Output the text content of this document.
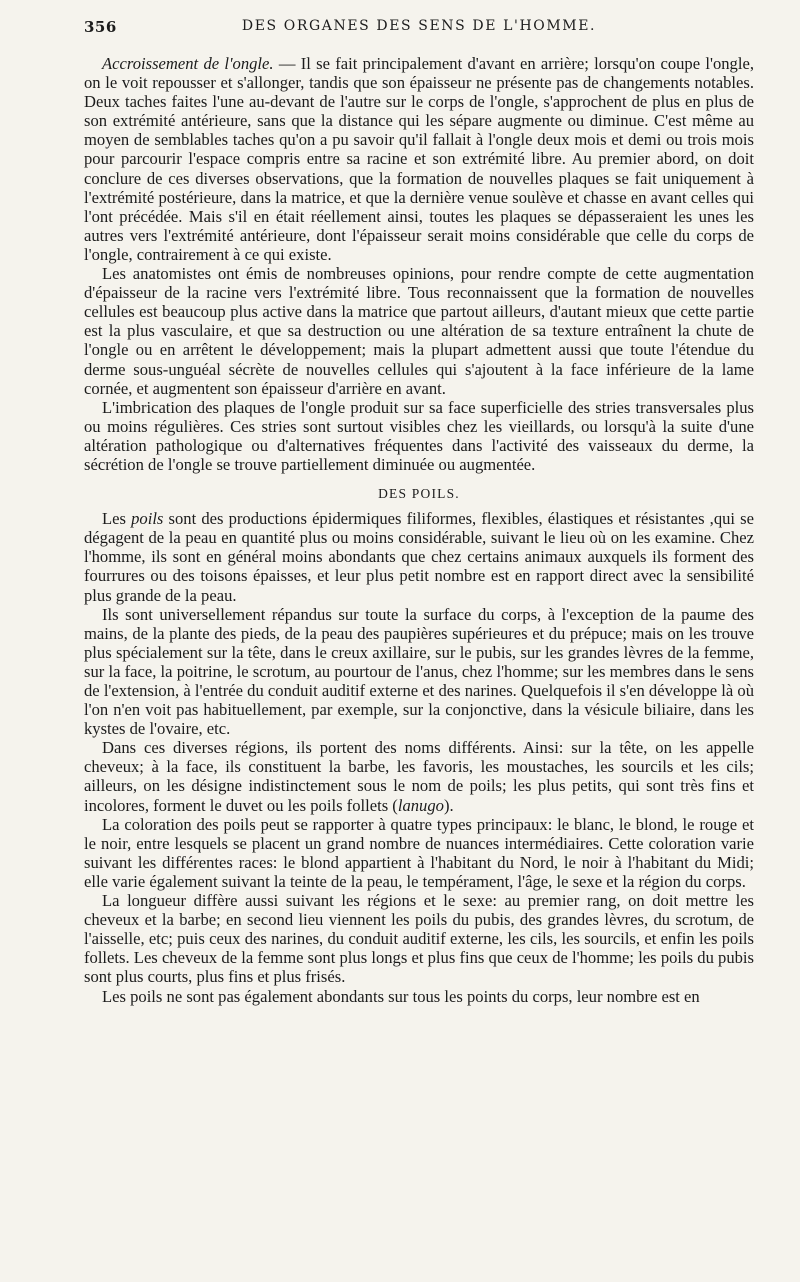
356	DES ORGANES DES SENS DE L'HOMME.

Accroissement de l'ongle. — Il se fait principalement d'avant en arrière; lorsqu'on coupe l'ongle, on le voit repousser et s'allonger, tandis que son épaisseur ne présente pas de changements notables. Deux taches faites l'une au-devant de l'autre sur le corps de l'ongle, s'approchent de plus en plus de son extrémité antérieure, sans que la distance qui les sépare augmente ou diminue. C'est même au moyen de semblables taches qu'on a pu savoir qu'il fallait à l'ongle deux mois et demi ou trois mois pour parcourir l'espace compris entre sa racine et son extrémité libre. Au premier abord, on doit conclure de ces diverses observations, que la formation de nouvelles plaques se fait uniquement à l'extrémité postérieure, dans la matrice, et que la dernière venue soulève et chasse en avant celles qui l'ont précédée. Mais s'il en était réellement ainsi, toutes les plaques se dépasseraient les unes les autres vers l'extrémité antérieure, dont l'épaisseur serait moins considérable que celle du corps de l'ongle, contrairement à ce qui existe.

Les anatomistes ont émis de nombreuses opinions, pour rendre compte de cette augmentation d'épaisseur de la racine vers l'extrémité libre. Tous reconnaissent que la formation de nouvelles cellules est beaucoup plus active dans la matrice que partout ailleurs, d'autant mieux que cette partie est la plus vasculaire, et que sa destruction ou une altération de sa texture entraînent la chute de l'ongle ou en arrêtent le développement; mais la plupart admettent aussi que toute l'étendue du derme sous-unguéal sécrète de nouvelles cellules qui s'ajoutent à la face inférieure de la lame cornée, et augmentent son épaisseur d'arrière en avant.

L'imbrication des plaques de l'ongle produit sur sa face superficielle des stries transversales plus ou moins régulières. Ces stries sont surtout visibles chez les vieillards, ou lorsqu'à la suite d'une altération pathologique ou d'alternatives fréquentes dans l'activité des vaisseaux du derme, la sécrétion de l'ongle se trouve partiellement diminuée ou augmentée.

DES POILS.

Les poils sont des productions épidermiques filiformes, flexibles, élastiques et résistantes ,qui se dégagent de la peau en quantité plus ou moins considérable, suivant le lieu où on les examine. Chez l'homme, ils sont en général moins abondants que chez certains animaux auxquels ils forment des fourrures ou des toisons épaisses, et leur plus petit nombre est en rapport direct avec la sensibilité plus grande de la peau.

Ils sont universellement répandus sur toute la surface du corps, à l'exception de la paume des mains, de la plante des pieds, de la peau des paupières supérieures et du prépuce; mais on les trouve plus spécialement sur la tête, dans le creux axillaire, sur le pubis, sur les grandes lèvres de la femme, sur la face, la poitrine, le scrotum, au pourtour de l'anus, chez l'homme; sur les membres dans le sens de l'extension, à l'entrée du conduit auditif externe et des narines. Quelquefois il s'en développe là où l'on n'en voit pas habituellement, par exemple, sur la conjonctive, dans la vésicule biliaire, dans les kystes de l'ovaire, etc.

Dans ces diverses régions, ils portent des noms différents. Ainsi: sur la tête, on les appelle cheveux; à la face, ils constituent la barbe, les favoris, les moustaches, les sourcils et les cils; ailleurs, on les désigne indistinctement sous le nom de poils; les plus petits, qui sont très fins et incolores, forment le duvet ou les poils follets (lanugo).

La coloration des poils peut se rapporter à quatre types principaux: le blanc, le blond, le rouge et le noir, entre lesquels se placent un grand nombre de nuances intermédiaires. Cette coloration varie suivant les différentes races: le blond appartient à l'habitant du Nord, le noir à l'habitant du Midi; elle varie également suivant la teinte de la peau, le tempérament, l'âge, le sexe et la région du corps.

La longueur diffère aussi suivant les régions et le sexe: au premier rang, on doit mettre les cheveux et la barbe; en second lieu viennent les poils du pubis, des grandes lèvres, du scrotum, de l'aisselle, etc; puis ceux des narines, du conduit auditif externe, les cils, les sourcils, et enfin les poils follets. Les cheveux de la femme sont plus longs et plus fins que ceux de l'homme; les poils du pubis sont plus courts, plus fins et plus frisés.

Les poils ne sont pas également abondants sur tous les points du corps, leur nombre est en
